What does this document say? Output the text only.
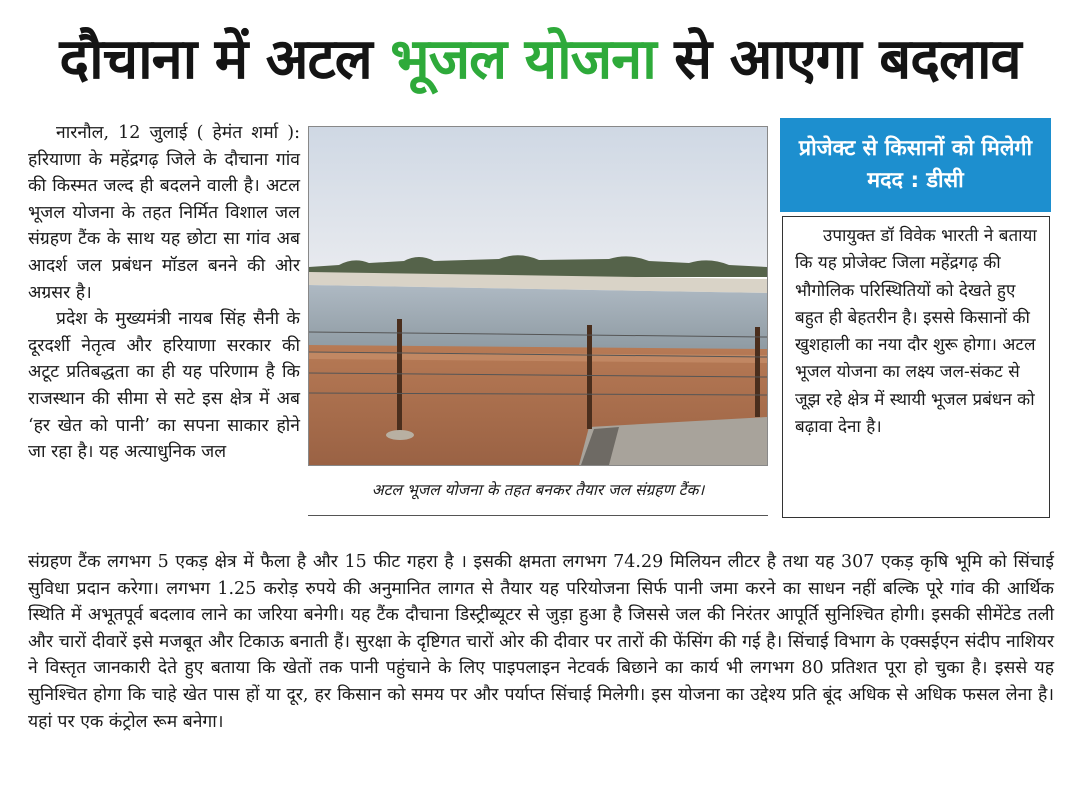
दौचाना में अटल भूजल योजना से आएगा बदलाव

नारनौल, 12 जुलाई ( हेमंत शर्मा ): हरियाणा के महेंद्रगढ़ जिले के दौचाना गांव की किस्मत जल्द ही बदलने वाली है। अटल भूजल योजना के तहत निर्मित विशाल जल संग्रहण टैंक के साथ यह छोटा सा गांव अब आदर्श जल प्रबंधन मॉडल बनने की ओर अग्रसर है।

प्रदेश के मुख्यमंत्री नायब सिंह सैनी के दूरदर्शी नेतृत्व और हरियाणा सरकार की अटूट प्रतिबद्धता का ही यह परिणाम है कि राजस्थान की सीमा से सटे इस क्षेत्र में अब ‘हर खेत को पानी’ का सपना साकार होने जा रहा है। यह अत्याधुनिक जल

अटल भूजल योजना के तहत बनकर तैयार जल संग्रहण टैंक।
प्रोजेक्ट से किसानों को मिलेगी मदद : डीसी

उपायुक्त डॉ विवेक भारती ने बताया कि यह प्रोजेक्ट जिला महेंद्रगढ़ की भौगोलिक परिस्थितियों को देखते हुए बहुत ही बेहतरीन है। इससे किसानों की खुशहाली का नया दौर शुरू होगा। अटल भूजल योजना का लक्ष्य जल-संकट से जूझ रहे क्षेत्र में स्थायी भूजल प्रबंधन को बढ़ावा देना है।

संग्रहण टैंक लगभग 5 एकड़ क्षेत्र में फैला है और 15 फीट गहरा है । इसकी क्षमता लगभग 74.29 मिलियन लीटर है तथा यह 307 एकड़ कृषि भूमि को सिंचाई सुविधा प्रदान करेगा। लगभग 1.25 करोड़ रुपये की अनुमानित लागत से तैयार यह परियोजना सिर्फ पानी जमा करने का साधन नहीं बल्कि पूरे गांव की आर्थिक स्थिति में अभूतपूर्व बदलाव लाने का जरिया बनेगी। यह टैंक दौचाना डिस्ट्रीब्यूटर से जुड़ा हुआ है जिससे जल की निरंतर आपूर्ति सुनिश्चित होगी। इसकी सीमेंटेड तली और चारों दीवारें इसे मजबूत और टिकाऊ बनाती हैं। सुरक्षा के दृष्टिगत चारों ओर की दीवार पर तारों की फेंसिंग की गई है। सिंचाई विभाग के एक्सईएन संदीप नाशियर ने विस्तृत जानकारी देते हुए बताया कि खेतों तक पानी पहुंचाने के लिए पाइपलाइन नेटवर्क बिछाने का कार्य भी लगभग 80 प्रतिशत पूरा हो चुका है। इससे यह सुनिश्चित होगा कि चाहे खेत पास हों या दूर, हर किसान को समय पर और पर्याप्त सिंचाई मिलेगी। इस योजना का उद्देश्य प्रति बूंद अधिक से अधिक फसल लेना है। यहां पर एक कंट्रोल रूम बनेगा।
